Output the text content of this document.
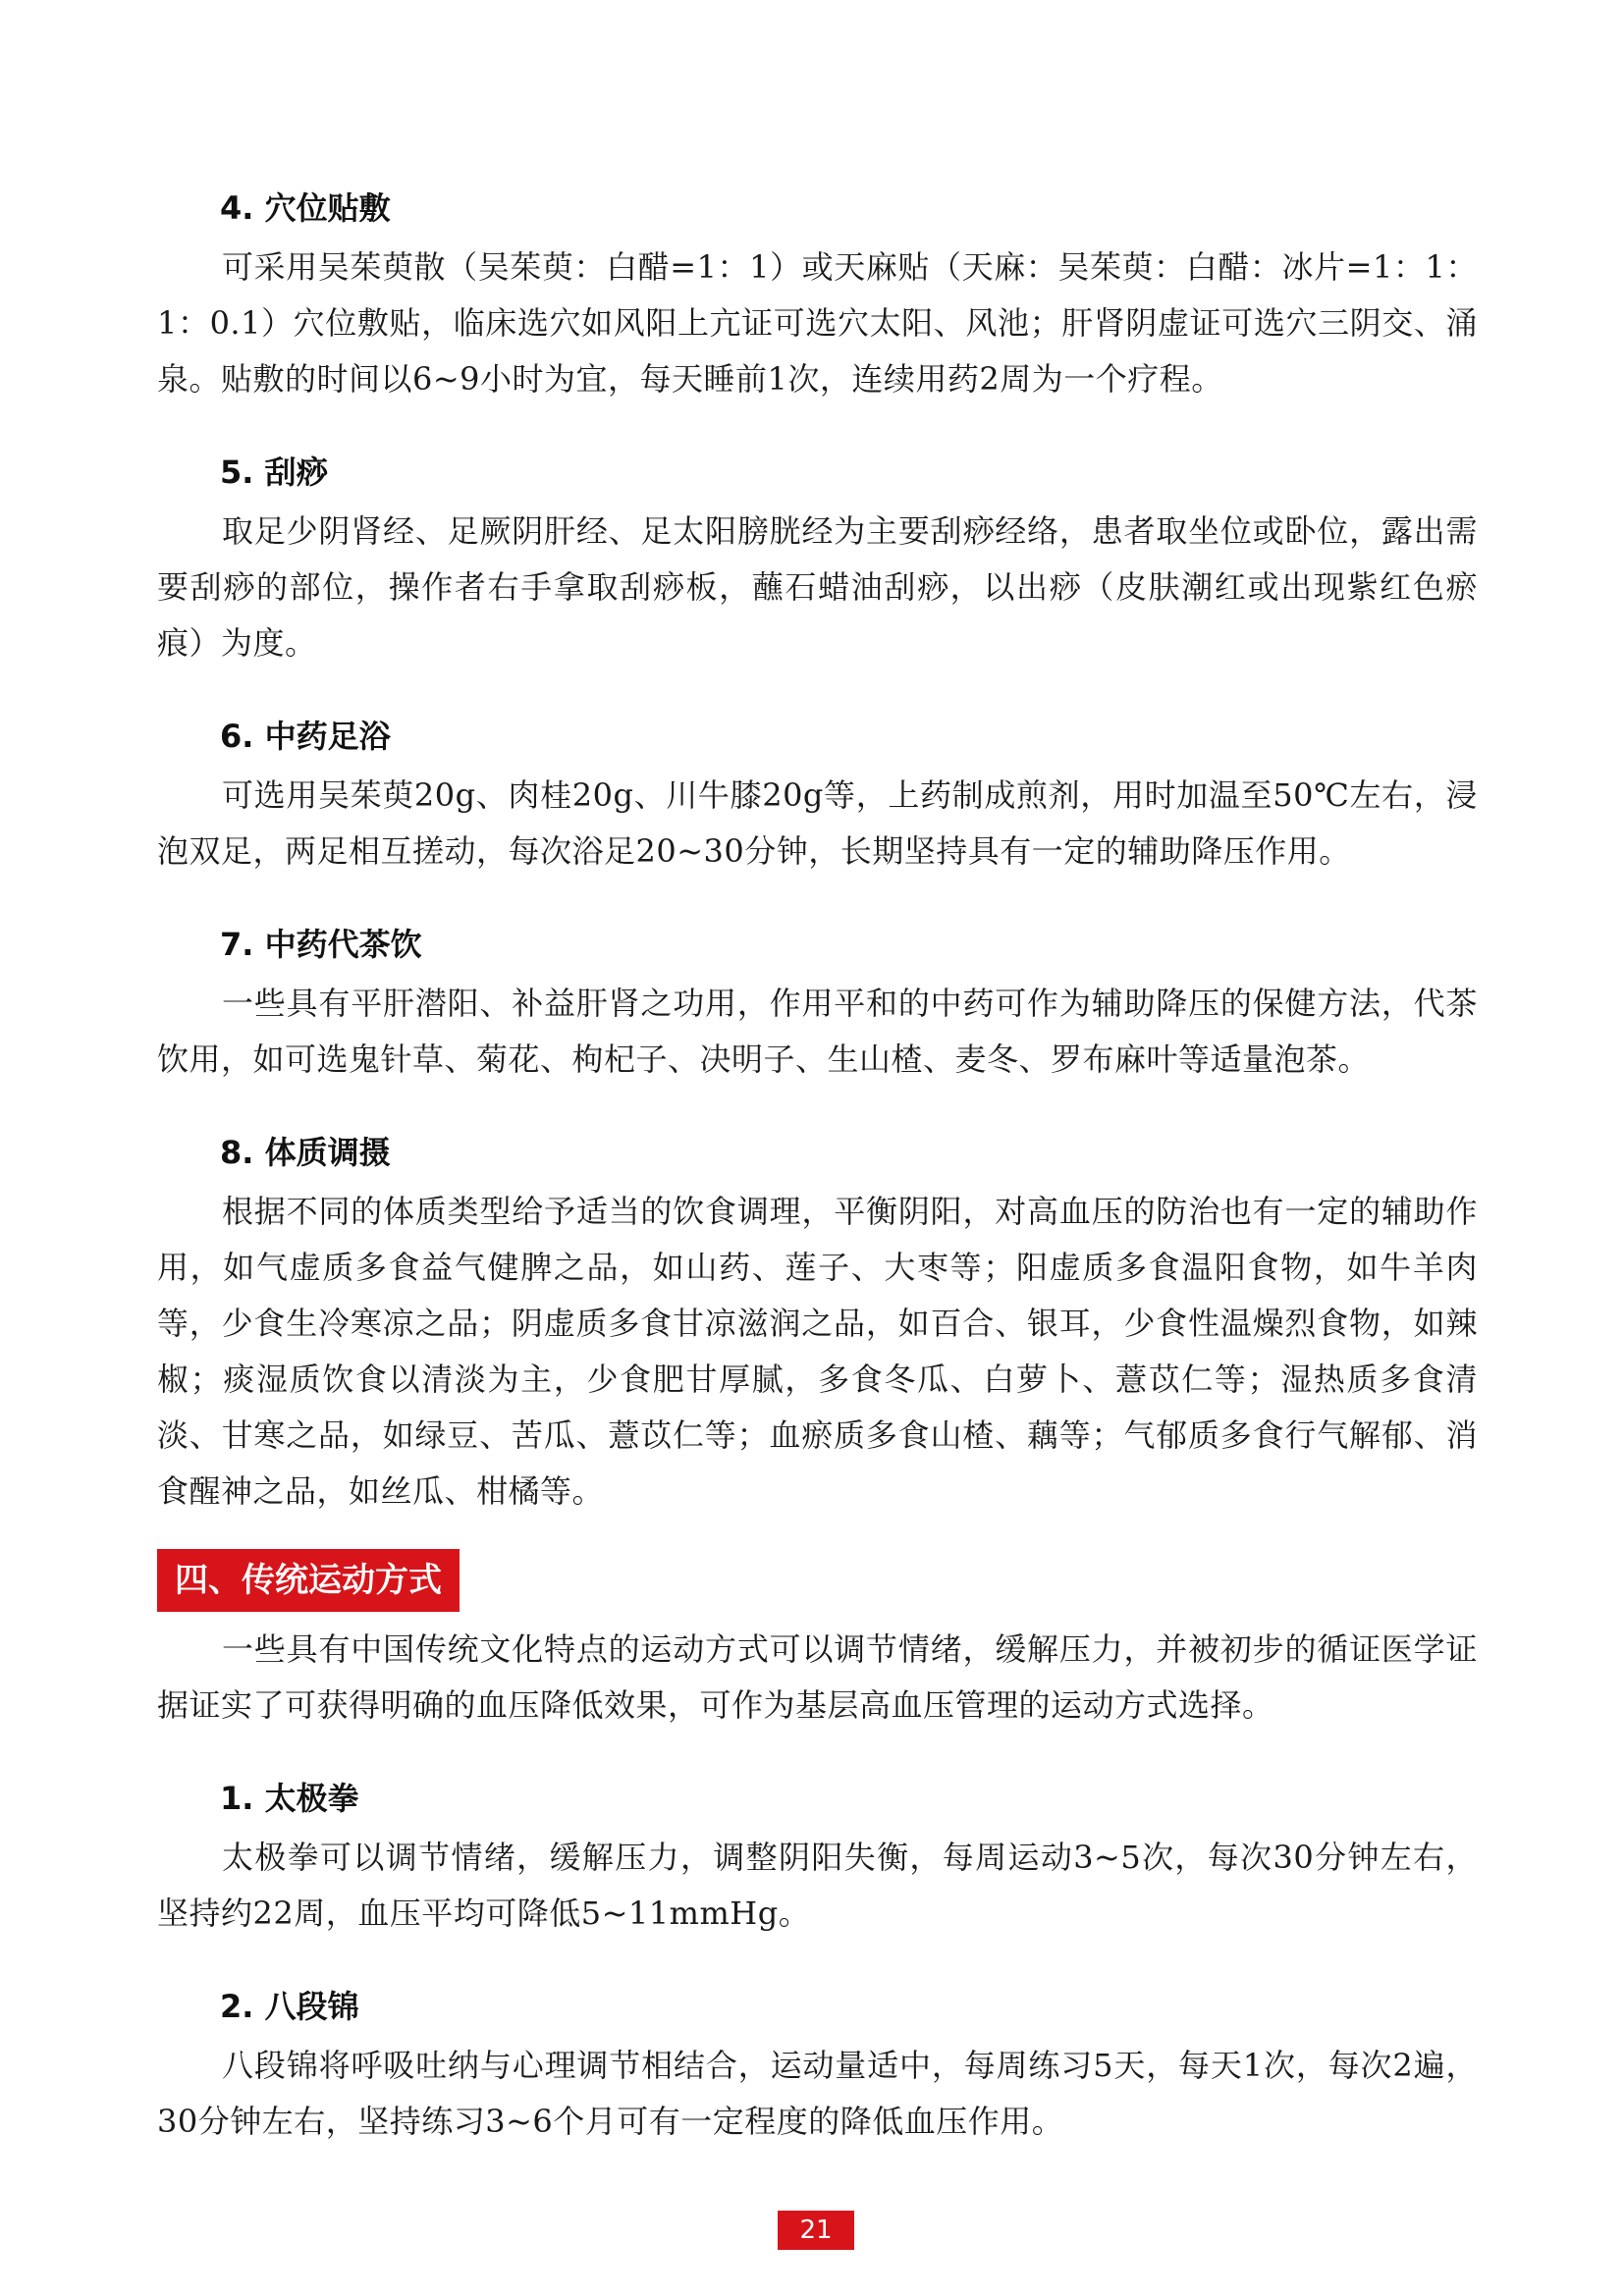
4. 穴位贴敷

可采用吴茱萸散（吴茱萸：白醋=1：1）或天麻贴（天麻：吴茱萸：白醋：冰片=1：1：1：0.1）穴位敷贴，临床选穴如风阳上亢证可选穴太阳、风池；肝肾阴虚证可选穴三阴交、涌泉。贴敷的时间以6~9小时为宜，每天睡前1次，连续用药2周为一个疗程。

5. 刮痧

取足少阴肾经、足厥阴肝经、足太阳膀胱经为主要刮痧经络，患者取坐位或卧位，露出需要刮痧的部位，操作者右手拿取刮痧板，蘸石蜡油刮痧，以出痧（皮肤潮红或出现紫红色瘀痕）为度。

6. 中药足浴

可选用吴茱萸20g、肉桂20g、川牛膝20g等，上药制成煎剂，用时加温至50℃左右，浸泡双足，两足相互搓动，每次浴足20~30分钟，长期坚持具有一定的辅助降压作用。

7. 中药代茶饮

一些具有平肝潜阳、补益肝肾之功用，作用平和的中药可作为辅助降压的保健方法，代茶饮用，如可选鬼针草、菊花、枸杞子、决明子、生山楂、麦冬、罗布麻叶等适量泡茶。

8. 体质调摄

根据不同的体质类型给予适当的饮食调理，平衡阴阳，对高血压的防治也有一定的辅助作用，如气虚质多食益气健脾之品，如山药、莲子、大枣等；阳虚质多食温阳食物，如牛羊肉等，少食生冷寒凉之品；阴虚质多食甘凉滋润之品，如百合、银耳，少食性温燥烈食物，如辣椒；痰湿质饮食以清淡为主，少食肥甘厚腻，多食冬瓜、白萝卜、薏苡仁等；湿热质多食清淡、甘寒之品，如绿豆、苦瓜、薏苡仁等；血瘀质多食山楂、藕等；气郁质多食行气解郁、消食醒神之品，如丝瓜、柑橘等。

四、传统运动方式

一些具有中国传统文化特点的运动方式可以调节情绪，缓解压力，并被初步的循证医学证据证实了可获得明确的血压降低效果，可作为基层高血压管理的运动方式选择。

1. 太极拳

太极拳可以调节情绪，缓解压力，调整阴阳失衡，每周运动3~5次，每次30分钟左右，坚持约22周，血压平均可降低5~11mmHg。

2. 八段锦

八段锦将呼吸吐纳与心理调节相结合，运动量适中，每周练习5天，每天1次，每次2遍，30分钟左右，坚持练习3~6个月可有一定程度的降低血压作用。

21
